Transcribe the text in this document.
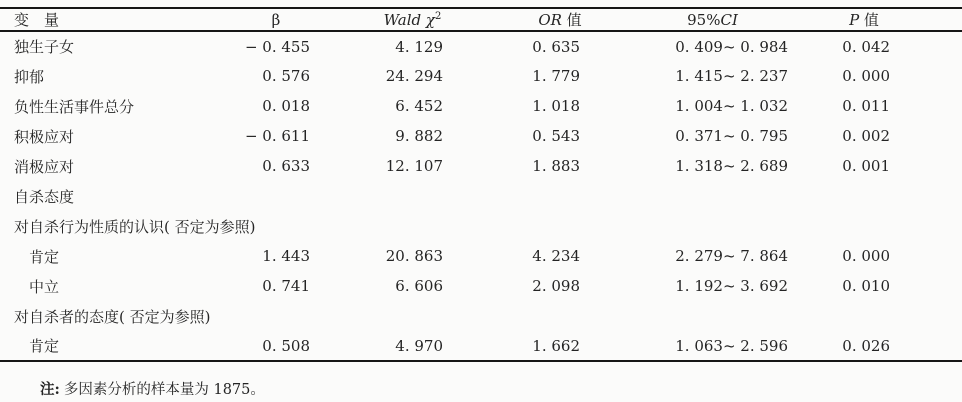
变　量	β	Wald $\chi^2$	OR 值	95%CI	P 值
独生子女	− 0. 455	4. 129	0. 635	0. 409~ 0. 984	0. 042
抑郁	0. 576	24. 294	1. 779	1. 415~ 2. 237	0. 000
负性生活事件总分	0. 018	6. 452	1. 018	1. 004~ 1. 032	0. 011
积极应对	− 0. 611	9. 882	0. 543	0. 371~ 0. 795	0. 002
消极应对	0. 633	12. 107	1. 883	1. 318~ 2. 689	0. 001
自杀态度					
对自杀行为性质的认识( 否定为参照)					
肯定	1. 443	20. 863	4. 234	2. 279~ 7. 864	0. 000
中立	0. 741	6. 606	2. 098	1. 192~ 3. 692	0. 010
对自杀者的态度( 否定为参照)					
肯定	0. 508	4. 970	1. 662	1. 063~ 2. 596	0. 026
注: 多因素分析的样本量为 1875。
